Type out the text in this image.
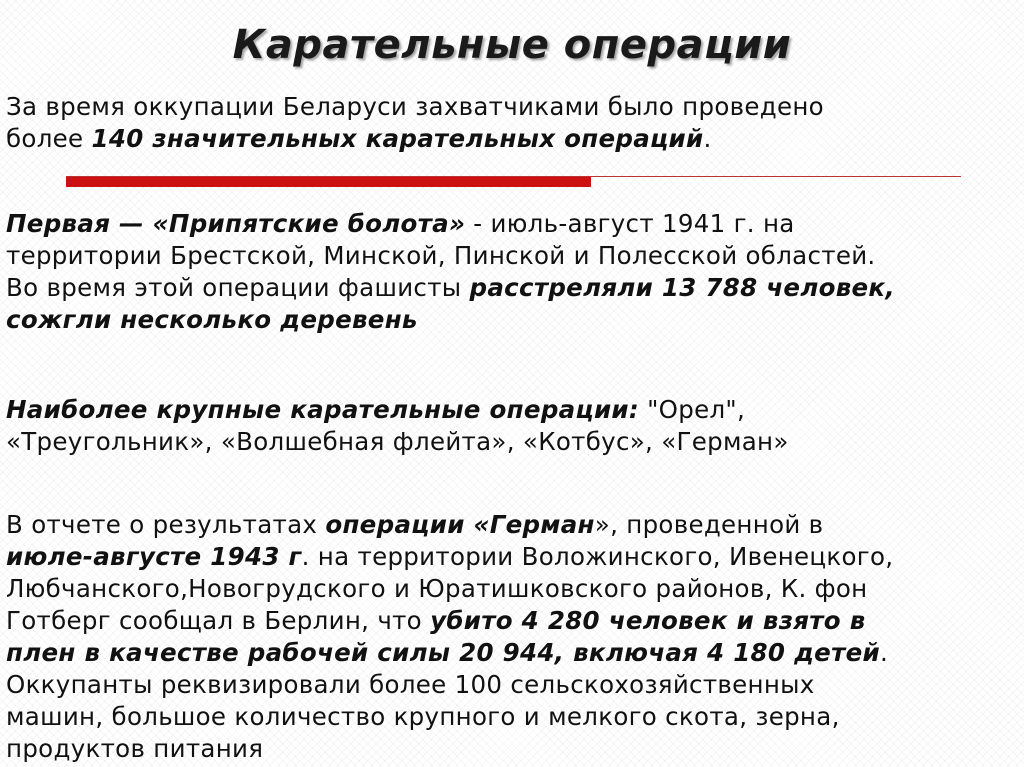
Карательные операции

За время оккупации Беларуси захватчиками было проведено
более 140 значительных карательных операций.

Первая — «Припятские болота» - июль-август 1941 г. на
территории Брестской, Минской, Пинской и Полесской областей.
Во время этой операции фашисты расстреляли 13 788 человек,
сожгли несколько деревень

Наиболее крупные карательные операции: "Орел",
«Треугольник», «Волшебная флейта», «Котбус», «Герман»

В отчете о результатах операции «Герман», проведенной в
июле-августе 1943 г. на территории Воложинского, Ивенецкого,
Любчанского,Новогрудского и Юратишковского районов, К. фон
Готберг сообщал в Берлин, что убито 4 280 человек и взято в
плен в качестве рабочей силы 20 944, включая 4 180 детей.
Оккупанты реквизировали более 100 сельскохозяйственных
машин, большое количество крупного и мелкого скота, зерна,
продуктов питания
